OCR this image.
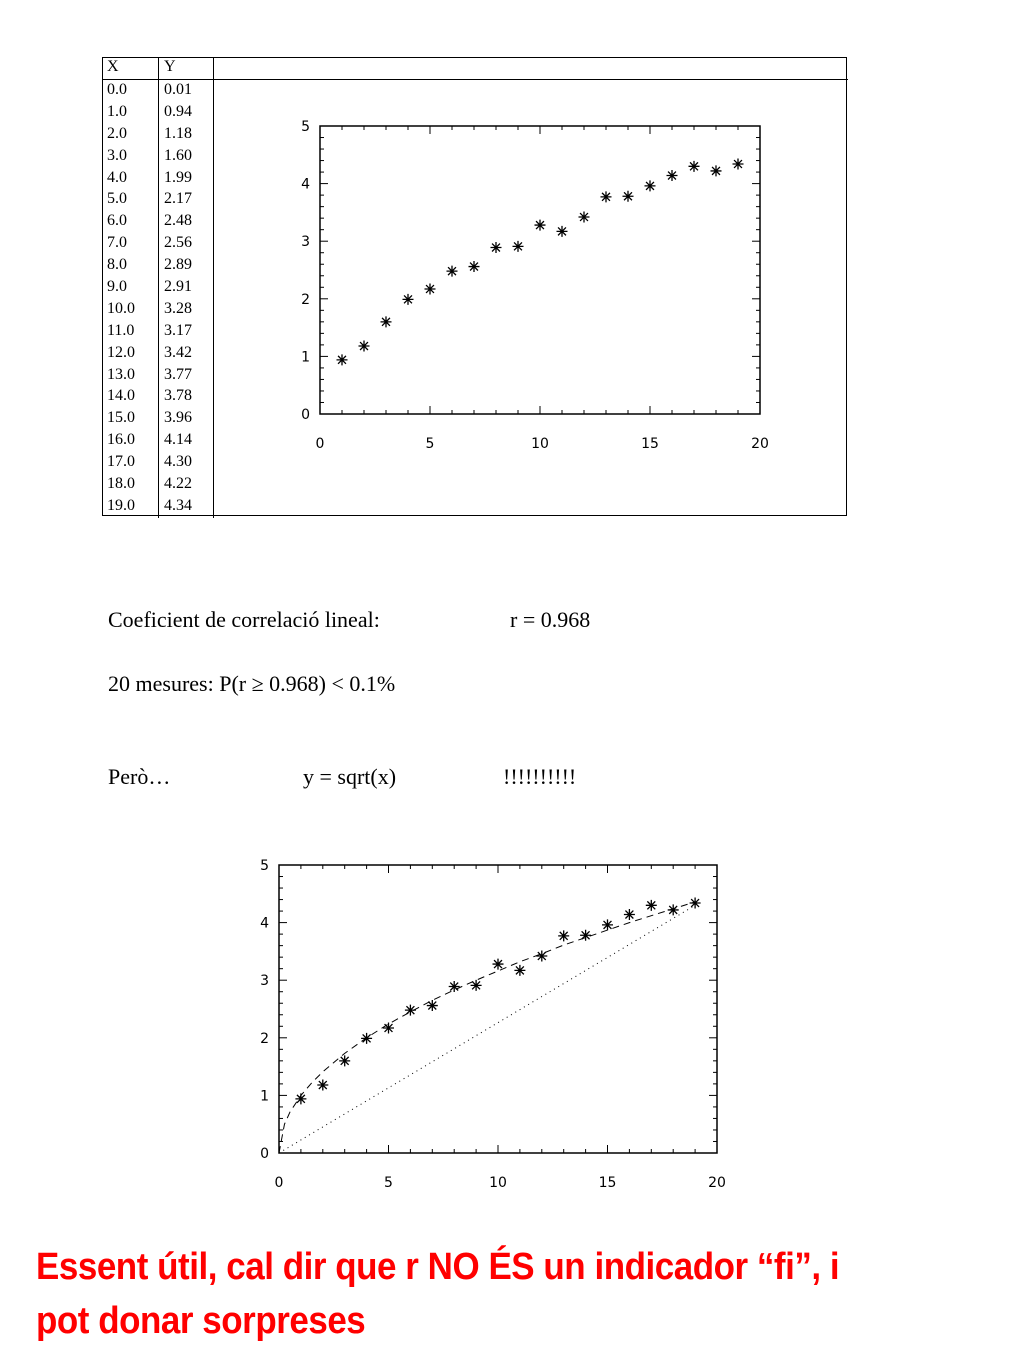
X	Y	
0.0	0.01	
1.0	0.94	
2.0	1.18	
3.0	1.60	
4.0	1.99	
5.0	2.17	
6.0	2.48	
7.0	2.56	
8.0	2.89	
9.0	2.91	
10.0	3.28	
11.0	3.17	
12.0	3.42	
13.0	3.77	
14.0	3.78	
15.0	3.96	
16.0	4.14	
17.0	4.30	
18.0	4.22	
19.0	4.34	
0	5	10	15	20
0
1
2
3
4
5
Coeficient de correlació lineal:	r = 0.968
20 mesures: P(r ≥ 0.968) < 0.1%
Però…	y = sqrt(x)	!!!!!!!!!!
0	5	10	15	20
0
1
2
3
4
5
Essent útil, cal dir que r NO ÉS un indicador “fi”, i
pot donar sorpreses
